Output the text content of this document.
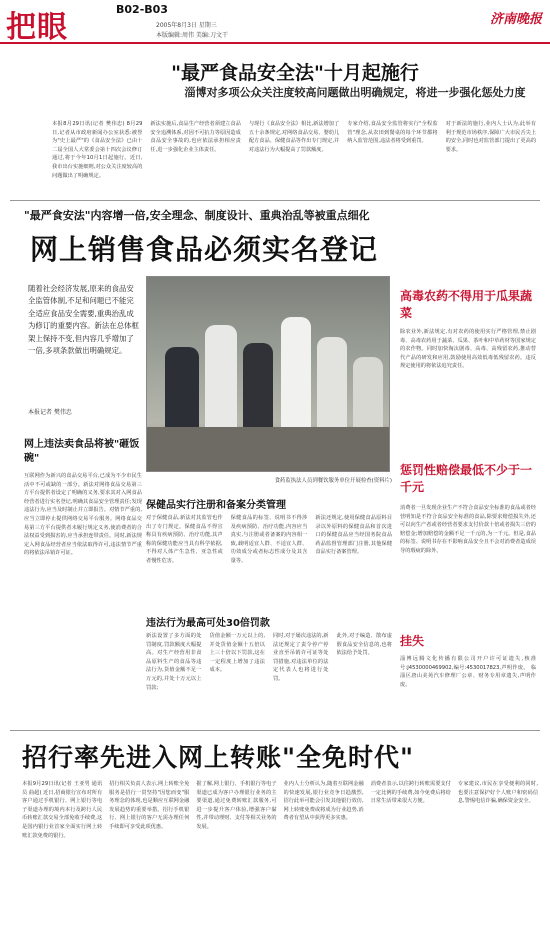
把眼
B02-B03
2005年8月3日 星期三
本版编辑:周伟 美编:刀文干
济南晚报
"最严食品安全法"十月起施行
淄博对多项公众关注度较高问题做出明确规定，将进一步强化惩处力度

本报8月29日讯(记者 樊伟忠) 8月29日,记者从市政府新闻办公室获悉:被誉为"史上最严"的《食品安全法》已由十二届全国人大常委会第十四次会议修订通过,将于今年10月1日起施行。近日,我市出台实施细则,对公众关注度较高的问题做出了明确规定。

新法实施后,食品生产经营者须建立食品安全追溯体系,对因不可抗力等原因造成食品安全事故的,也应依法承担相应责任,进一步强化企业主体责任。

与现行《食品安全法》相比,新法增加了五十余条规定,对网络食品交易、婴幼儿配方食品、保健食品等作出专门规定,并对违法行为大幅提高了罚款额度。

专家介绍,食品安全监管将实行"全程监管"理念,从农田到餐桌的每个环节都将纳入监管范围,违法者将受到重罚。

对于新法的施行,业内人士认为,此举有利于规范市场秩序,保障广大市民舌尖上的安全,同时也对监管部门提出了更高的要求。

"最严食安法"内容增一倍,安全理念、制度设计、重典治乱等被重点细化
网上销售食品必须实名登记

随着社会经济发展,原来的食品安全监管体制,不足和问题已不能完全适应食品安全需要,重典治乱成为修订的重要内容。新法在总体框架上保持不变,但内容几乎增加了一倍,多项条款做出明确规定。

本报记者 樊伟忠
网上违法卖食品将被"砸饭碗"

互联网作为新兴的食品交易平台,已成为不少市民生活中不可或缺的一部分。新法对网络食品交易第三方平台提供者设定了明确的义务,要求其对入网食品经营者进行实名登记,明确其食品安全管理责任;发现违法行为,应当及时制止并立即报告。对情节严重的,应当立即停止提供网络交易平台服务。网络食品交易第三方平台提供者未履行规定义务,使消费者的合法权益受到损害的,应当承担连带责任。同时,新法规定入网食品经营者应当依法取得许可,违法情节严重的将依法吊销许可证。

食药监执法人员到餐饮服务单位开展检查(资料片)
保健品实行注册和备案分类管理

对于保健食品,新法对其监管也作出了专门规定。保健食品不得宣称具有疾病预防、治疗功能,其声称的保健功能应当具有科学依据,不得对人体产生急性、亚急性或者慢性危害。

保健食品的标签、说明书不得涉及疾病预防、治疗功能,内容应当真实,与注册或者备案的内容相一致,载明适宜人群、不适宜人群、功效成分或者标志性成分及其含量等。

新法还规定,使用保健食品原料目录以外原料的保健食品和首次进口的保健食品应当经国务院食品药品监督管理部门注册,其他保健食品实行备案管理。

违法行为最高可处30倍罚款

新法设置了多方面的处罚制度,罚款额度大幅提高。对生产经营用非食品原料生产的食品等违法行为,货值金额不足一万元的,并处十万元以上罚款;

货值金额一万元以上的,并处货值金额十五倍以上三十倍以下罚款,这在一定程度上增加了违法成本。

同时,对于屡次违法的,新法还规定了责令停产停业直至吊销许可证等处罚措施,对违法单位的法定代表人也将进行处罚。

此外,对于编造、散布虚假食品安全信息的,也将依法给予处罚。

高毒农药不得用于瓜果蔬菜

除农业外,新法规定,有对农药的使用实行严格管理,禁止剧毒、高毒农药用于蔬菜、瓜果、茶叶和中草药材等国家规定的农作物。同时加快淘汰剧毒、高毒、高残留农药,推动替代产品的研发和应用,鼓励使用高效低毒低残留农药。违反规定使用的将依法追究责任。

惩罚性赔偿最低不少于一千元

消费者一旦发现企业生产不符合食品安全标准的食品或者经营明知是不符合食品安全标准的食品,除要求赔偿损失外,还可以向生产者或者经营者要求支付价款十倍或者损失三倍的赔偿金;增加赔偿的金额不足一千元的,为一千元。但是,食品的标签、说明书存在不影响食品安全且不会对消费者造成误导的瑕疵的除外。

挂失

淄博远腾文化传播有限公司开户许可证遗失,核准号:J4530000469902,编号:4530017823,声明作废。 临淄区唐山美苑汽车修理厂公章、财务专用章遗失,声明作废。

招行率先进入网上转账"全免时代"

本报9月29日讯(记者 王亚男 通讯员 曲超) 近日,招商银行宣布对所有客户通过手机银行、网上银行等电子渠道办理的境内本行及跨行人民币转账汇款交易全部免收手续费,这是国内银行业首家全面实行网上转账汇款免费的银行。

招行相关负责人表示,网上转账全免服务是招行一贯坚持"因您而变"服务理念的体现,也是顺应互联网金融发展趋势的重要举措。招行手机银行、网上银行的客户无需办理任何手续即可享受此项优惠。

据了解,网上银行、手机银行等电子渠道已成为客户办理银行业务的主要渠道,通过免费转账汇款服务,可进一步提升客户体验,增强客户黏性,并带动理财、支付等相关业务的发展。

业内人士分析认为,随着互联网金融的快速发展,银行业竞争日趋激烈,招行此举可能会引发其他银行效仿,网上转账免费或将成为行业趋势,消费者有望从中获得更多实惠。

消费者表示,以往跨行转账需要支付一定比例的手续费,如今免费后将给日常生活带来很大方便。

专家建议,市民在享受便利的同时,也要注意保护好个人账户和密码信息,警惕电信诈骗,确保资金安全。
